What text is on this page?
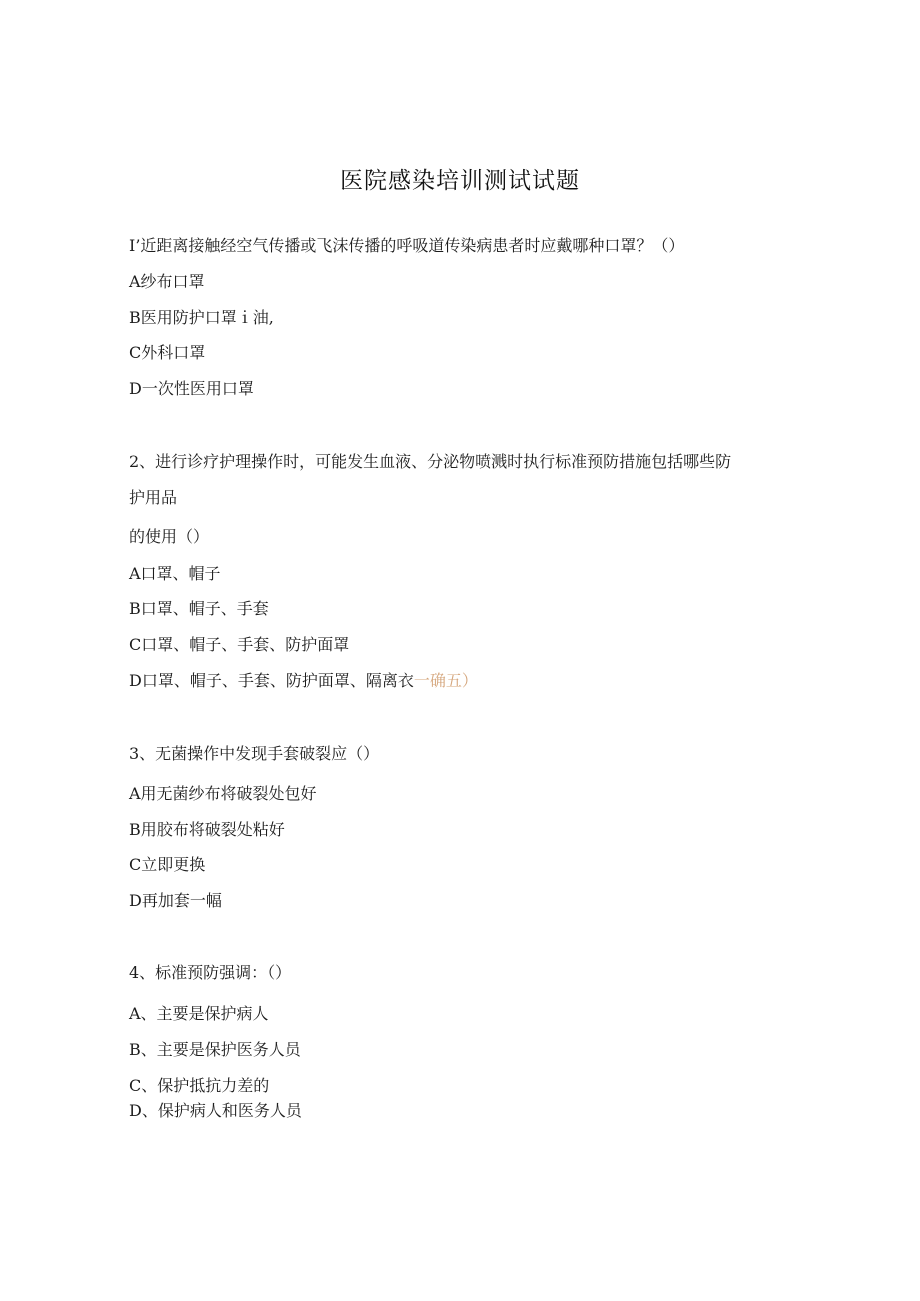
医院感染培训测试试题
I’近距离接触经空气传播或飞沫传播的呼吸道传染病患者时应戴哪种口罩？（）
A纱布口罩
B医用防护口罩ｉ油,
C外科口罩
D一次性医用口罩
2、进行诊疗护理操作时，可能发生血液、分泌物喷溅时执行标准预防措施包括哪些防
护用品
的使用（）
A口罩、帽子
B口罩、帽子、手套
C口罩、帽子、手套、防护面罩
D口罩、帽子、手套、防护面罩、隔离衣一确五）
3、无菌操作中发现手套破裂应（）
A用无菌纱布将破裂处包好
B用胶布将破裂处粘好
C立即更换
D再加套一幅
4、标准预防强调：（）
A、主要是保护病人
B、主要是保护医务人员
C、保护抵抗力差的
D、保护病人和医务人员
